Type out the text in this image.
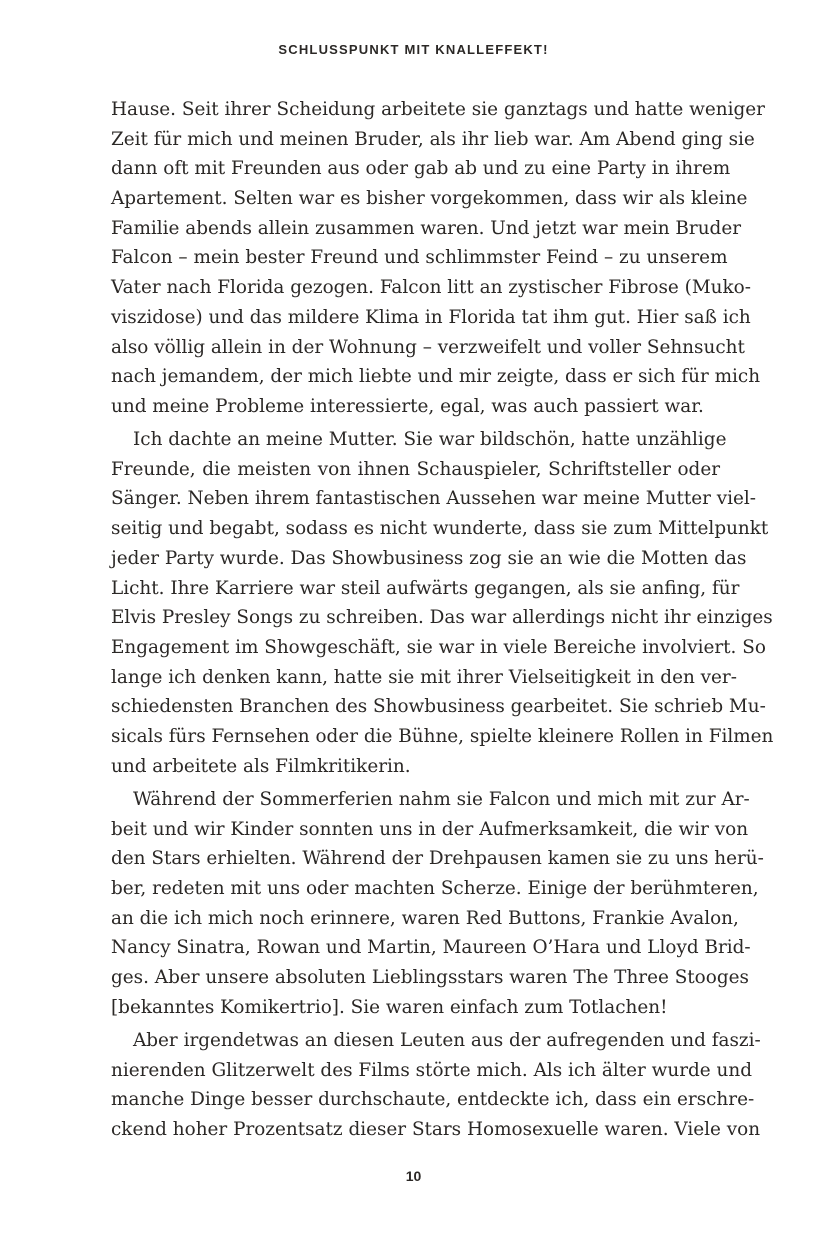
SCHLUSSPUNKT MIT KNALLEFFEKT!
Hause. Seit ihrer Scheidung arbeitete sie ganztags und hatte weniger
Zeit für mich und meinen Bruder, als ihr lieb war. Am Abend ging sie
dann oft mit Freunden aus oder gab ab und zu eine Party in ihrem
Apartement. Selten war es bisher vorgekommen, dass wir als kleine
Familie abends allein zusammen waren. Und jetzt war mein Bruder
Falcon – mein bester Freund und schlimmster Feind – zu unserem
Vater nach Florida gezogen. Falcon litt an zystischer Fibrose (Muko-
viszidose) und das mildere Klima in Florida tat ihm gut. Hier saß ich
also völlig allein in der Wohnung – verzweifelt und voller Sehnsucht
nach jemandem, der mich liebte und mir zeigte, dass er sich für mich
und meine Probleme interessierte, egal, was auch passiert war.
Ich dachte an meine Mutter. Sie war bildschön, hatte unzählige
Freunde, die meisten von ihnen Schauspieler, Schriftsteller oder
Sänger. Neben ihrem fantastischen Aussehen war meine Mutter viel-
seitig und begabt, sodass es nicht wunderte, dass sie zum Mittelpunkt
jeder Party wurde. Das Showbusiness zog sie an wie die Motten das
Licht. Ihre Karriere war steil aufwärts gegangen, als sie anfing, für
Elvis Presley Songs zu schreiben. Das war allerdings nicht ihr einziges
Engagement im Showgeschäft, sie war in viele Bereiche involviert. So
lange ich denken kann, hatte sie mit ihrer Vielseitigkeit in den ver-
schiedensten Branchen des Showbusiness gearbeitet. Sie schrieb Mu-
sicals fürs Fernsehen oder die Bühne, spielte kleinere Rollen in Filmen
und arbeitete als Filmkritikerin.
Während der Sommerferien nahm sie Falcon und mich mit zur Ar-
beit und wir Kinder sonnten uns in der Aufmerksamkeit, die wir von
den Stars erhielten. Während der Drehpausen kamen sie zu uns herü-
ber, redeten mit uns oder machten Scherze. Einige der berühmteren,
an die ich mich noch erinnere, waren Red Buttons, Frankie Avalon,
Nancy Sinatra, Rowan und Martin, Maureen O’Hara und Lloyd Brid-
ges. Aber unsere absoluten Lieblingsstars waren The Three Stooges
[bekanntes Komikertrio]. Sie waren einfach zum Totlachen!
Aber irgendetwas an diesen Leuten aus der aufregenden und faszi-
nierenden Glitzerwelt des Films störte mich. Als ich älter wurde und
manche Dinge besser durchschaute, entdeckte ich, dass ein erschre-
ckend hoher Prozentsatz dieser Stars Homosexuelle waren. Viele von
10
